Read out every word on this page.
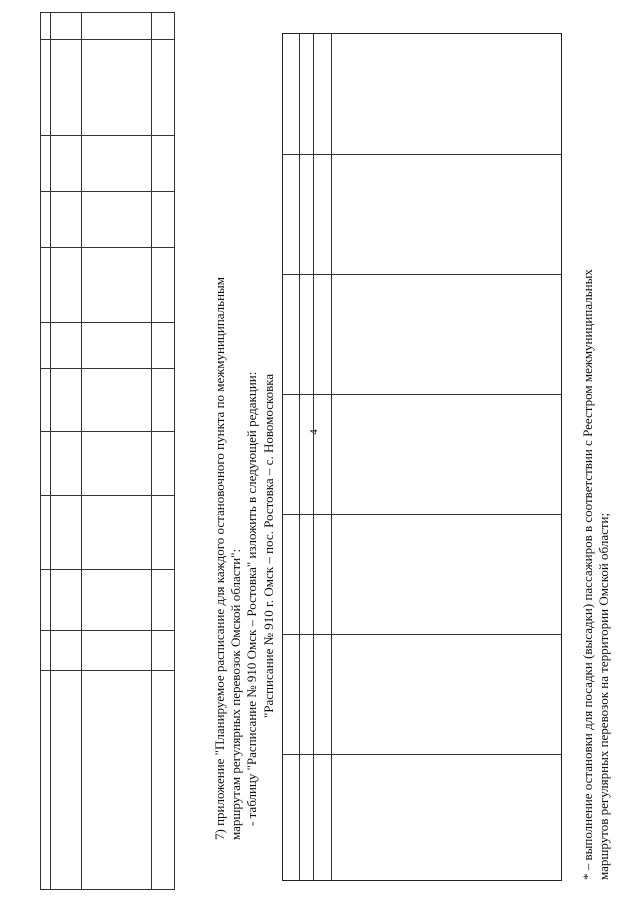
4
7) приложение "Планируемое расписание для каждого остановочного пункта по межмуниципальным маршрутам регулярных перевозок Омской области": - таблицу "Расписание № 910 Омск – Ростовка" изложить в следующей редакции: "Расписание № 910 г. Омск – пос. Ростовка – с. Новомосковка	* – выполнение остановки для посадки (высадки) пассажиров в соответствии с Реестром межмуниципальных маршрутов регулярных перевозок на территории Омской области;
